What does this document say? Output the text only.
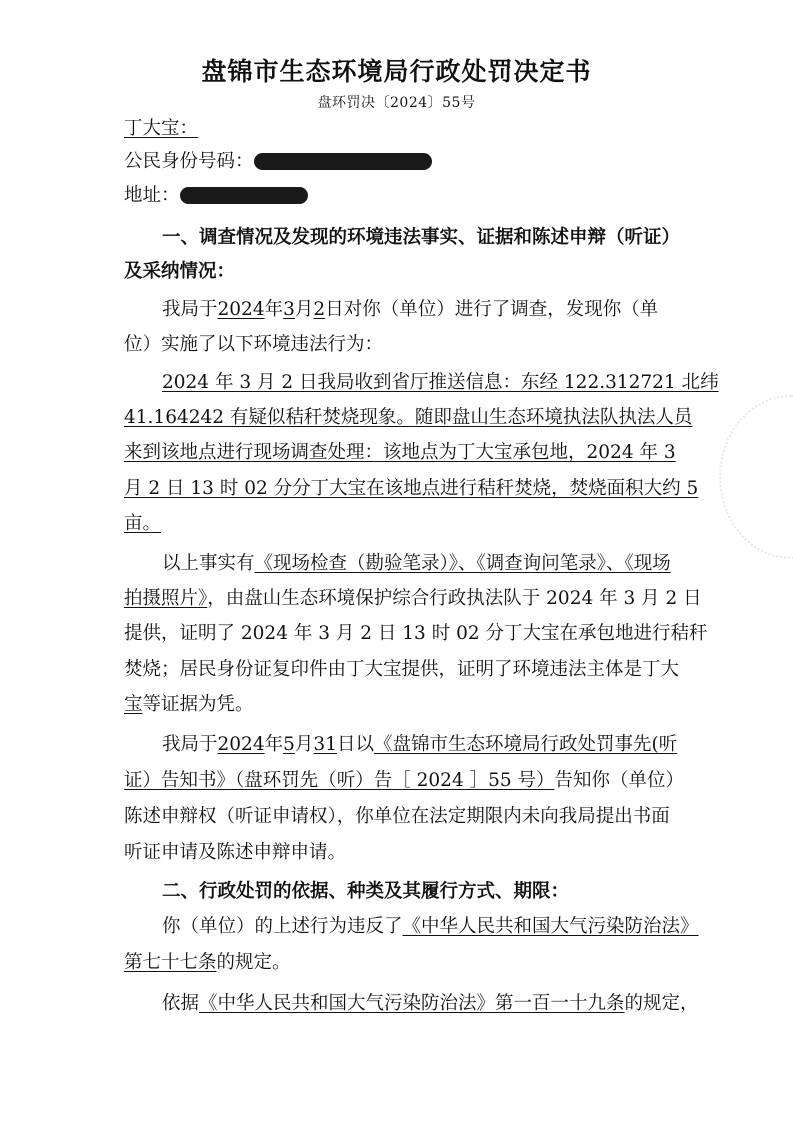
盘锦市生态环境局行政处罚决定书
盘环罚决〔2024〕55号
丁大宝：
公民身份号码：
地址：
一、调查情况及发现的环境违法事实、证据和陈述申辩（听证）
及采纳情况：
我局于2024年3月2日对你（单位）进行了调查，发现你（单
位）实施了以下环境违法行为：
2024 年 3 月 2 日我局收到省厅推送信息：东经 122.312721 北纬
41.164242 有疑似秸秆焚烧现象。随即盘山生态环境执法队执法人员
来到该地点进行现场调查处理：该地点为丁大宝承包地，2024 年 3
月 2 日 13 时 02 分分丁大宝在该地点进行秸秆焚烧，焚烧面积大约 5
亩。
以上事实有《现场检查（勘验笔录）》、《调查询问笔录》、《现场
拍摄照片》，由盘山生态环境保护综合行政执法队于 2024 年 3 月 2 日
提供，证明了 2024 年 3 月 2 日 13 时 02 分丁大宝在承包地进行秸秆
焚烧；居民身份证复印件由丁大宝提供，证明了环境违法主体是丁大
宝等证据为凭。
我局于2024年5月31日以《盘锦市生态环境局行政处罚事先(听
证）告知书》（盘环罚先（听）告［ 2024 ］55 号）告知你（单位）
陈述申辩权（听证申请权），你单位在法定期限内未向我局提出书面
听证申请及陈述申辩申请。
二、行政处罚的依据、种类及其履行方式、期限：
你（单位）的上述行为违反了《中华人民共和国大气污染防治法》
第七十七条的规定。
依据《中华人民共和国大气污染防治法》第一百一十九条的规定，
